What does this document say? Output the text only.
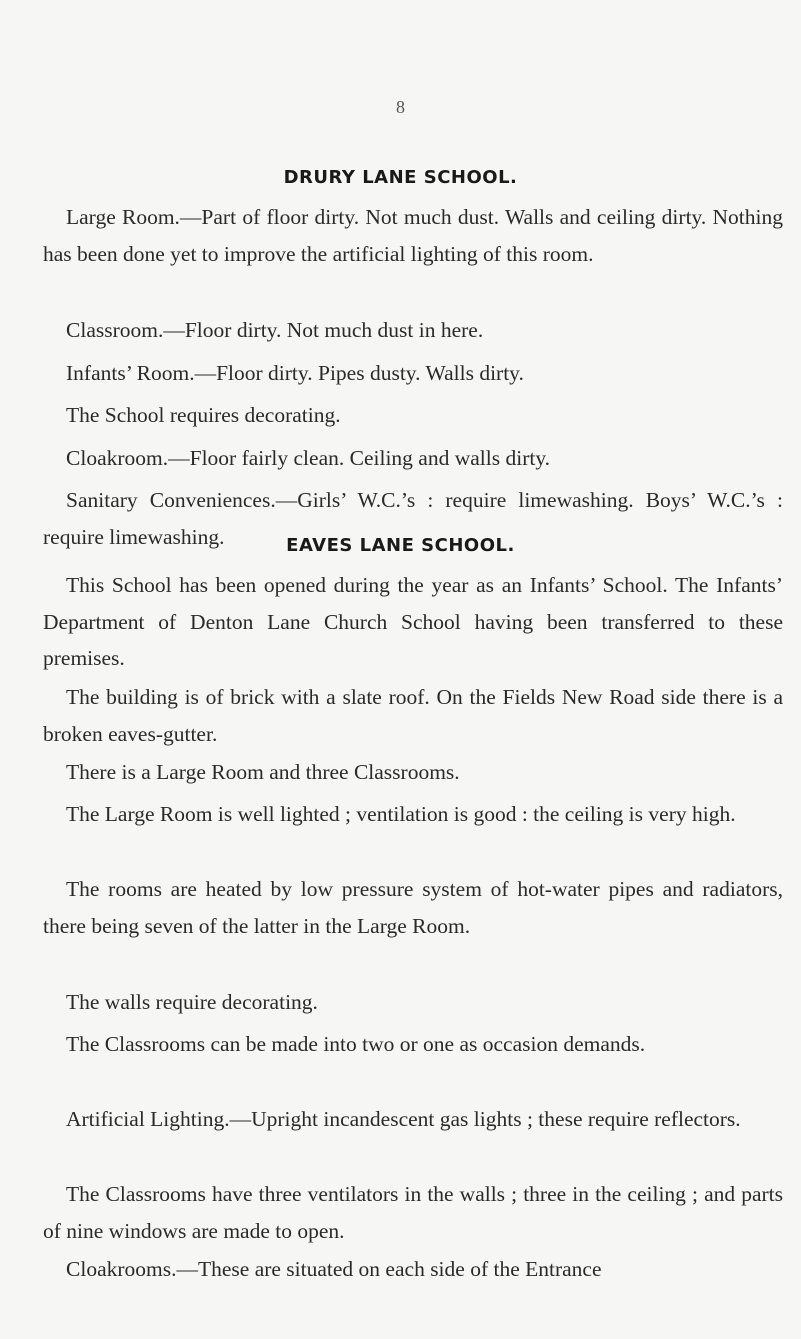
8
DRURY LANE SCHOOL.

Large Room.—Part of floor dirty. Not much dust. Walls and ceiling dirty. Nothing has been done yet to improve the artificial lighting of this room.

Classroom.—Floor dirty. Not much dust in here.

Infants’ Room.—Floor dirty. Pipes dusty. Walls dirty.

The School requires decorating.

Cloakroom.—Floor fairly clean. Ceiling and walls dirty.

Sanitary Conveniences.—Girls’ W.C.’s : require limewashing. Boys’ W.C.’s : require limewashing.	EAVES LANE SCHOOL.

This School has been opened during the year as an Infants’ School. The Infants’ Department of Denton Lane Church School having been transferred to these premises.

The building is of brick with a slate roof. On the Fields New Road side there is a broken eaves-gutter.

There is a Large Room and three Classrooms.

The Large Room is well lighted ; ventilation is good : the ceiling is very high.

The rooms are heated by low pressure system of hot-water pipes and radiators, there being seven of the latter in the Large Room.

The walls require decorating.

The Classrooms can be made into two or one as occasion demands.

Artificial Lighting.—Upright incandescent gas lights ; these require reflectors.

The Classrooms have three ventilators in the walls ; three in the ceiling ; and parts of nine windows are made to open.

Cloakrooms.—These are situated on each side of the Entrance
